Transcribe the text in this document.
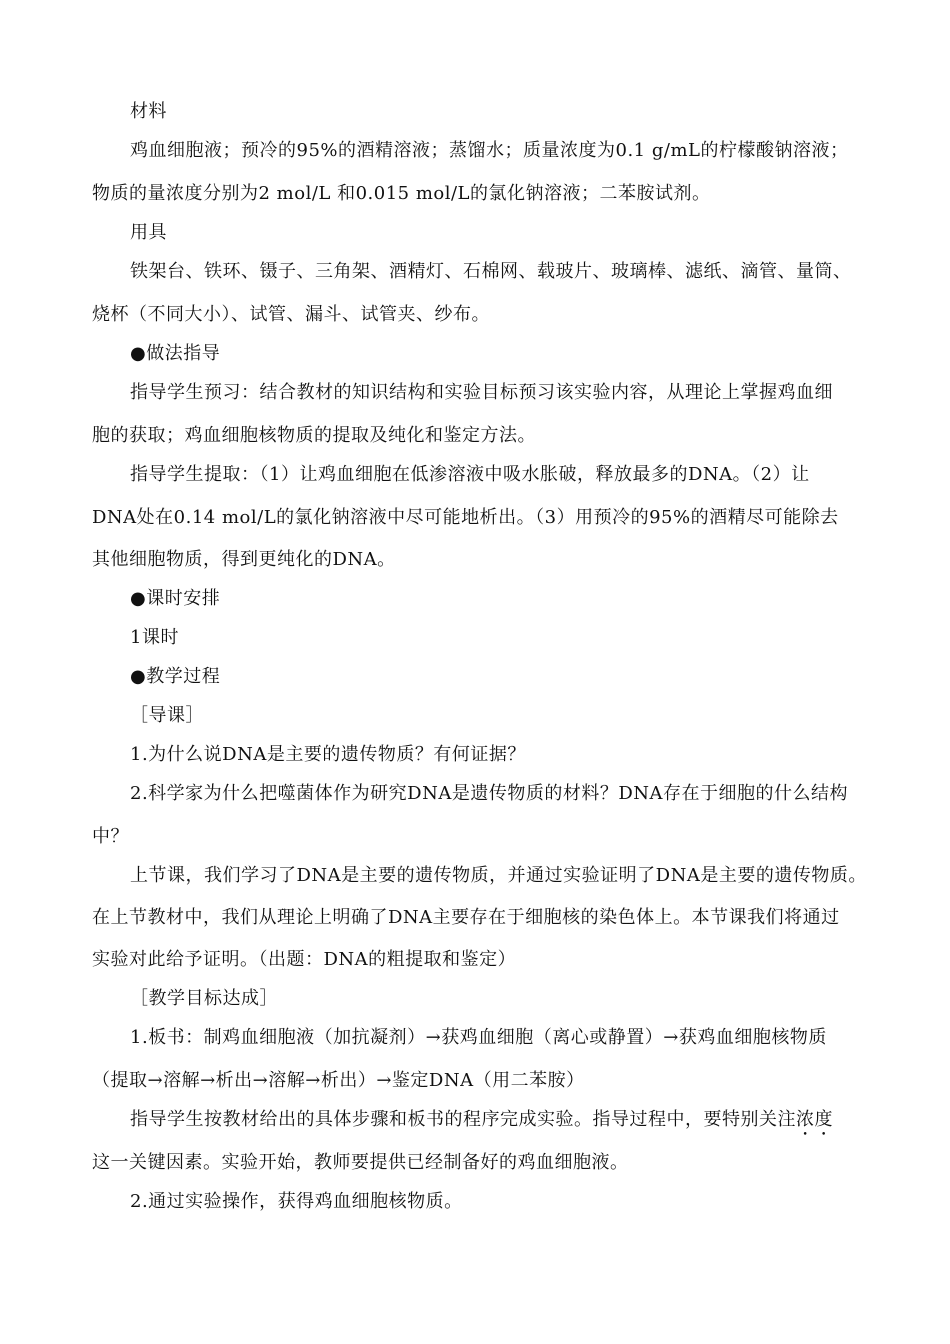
材料
鸡血细胞液；预冷的95%的酒精溶液；蒸馏水；质量浓度为0.1 g/mL的柠檬酸钠溶液；
物质的量浓度分别为2 mol/L 和0.015 mol/L的氯化钠溶液；二苯胺试剂。
用具
铁架台、铁环、镊子、三角架、酒精灯、石棉网、载玻片、玻璃棒、滤纸、滴管、量筒、
烧杯（不同大小）、试管、漏斗、试管夹、纱布。
●做法指导
指导学生预习：结合教材的知识结构和实验目标预习该实验内容，从理论上掌握鸡血细
胞的获取；鸡血细胞核物质的提取及纯化和鉴定方法。
指导学生提取：（1）让鸡血细胞在低渗溶液中吸水胀破，释放最多的DNA。（2）让
DNA处在0.14 mol/L的氯化钠溶液中尽可能地析出。（3）用预冷的95%的酒精尽可能除去
其他细胞物质，得到更纯化的DNA。
●课时安排
1课时
●教学过程
［导课］
1.为什么说DNA是主要的遗传物质？有何证据？
2.科学家为什么把噬菌体作为研究DNA是遗传物质的材料？DNA存在于细胞的什么结构
中？
上节课，我们学习了DNA是主要的遗传物质，并通过实验证明了DNA是主要的遗传物质。
在上节教材中，我们从理论上明确了DNA主要存在于细胞核的染色体上。本节课我们将通过
实验对此给予证明。（出题：DNA的粗提取和鉴定）
［教学目标达成］
1.板书：制鸡血细胞液（加抗凝剂）→获鸡血细胞（离心或静置）→获鸡血细胞核物质
（提取→溶解→析出→溶解→析出）→鉴定DNA（用二苯胺）
指导学生按教材给出的具体步骤和板书的程序完成实验。指导过程中，要特别关注浓度
这一关键因素。实验开始，教师要提供已经制备好的鸡血细胞液。
2.通过实验操作，获得鸡血细胞核物质。
